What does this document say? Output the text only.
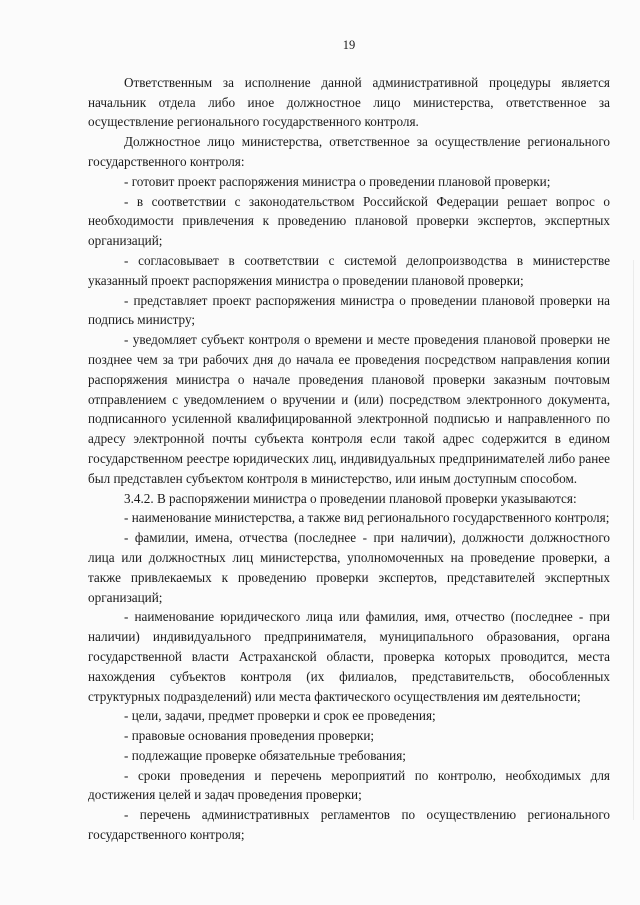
19

Ответственным за исполнение данной административной процедуры является начальник отдела либо иное должностное лицо министерства, ответственное за осуществление регионального государственного контроля.

Должностное лицо министерства, ответственное за осуществление регионального государственного контроля:

- готовит проект распоряжения министра о проведении плановой проверки;

- в соответствии с законодательством Российской Федерации решает вопрос о необходимости привлечения к проведению плановой проверки экспертов, экспертных организаций;

- согласовывает в соответствии с системой делопроизводства в министерстве указанный проект распоряжения министра о проведении плановой проверки;

- представляет проект распоряжения министра о проведении плановой проверки на подпись министру;

- уведомляет субъект контроля о времени и месте проведения плановой проверки не позднее чем за три рабочих дня до начала ее проведения посредством направления копии распоряжения министра о начале проведения плановой проверки заказным почтовым отправлением с уведомлением о вручении и (или) посредством электронного документа, подписанного усиленной квалифицированной электронной подписью и направленного по адресу электронной почты субъекта контроля если такой адрес содержится в едином государственном реестре юридических лиц, индивидуальных предпринимателей либо ранее был представлен субъектом контроля в министерство, или иным доступным способом.

3.4.2. В распоряжении министра о проведении плановой проверки указываются:

- наименование министерства, а также вид регионального государственного контроля;

- фамилии, имена, отчества (последнее - при наличии), должности должностного лица или должностных лиц министерства, уполномоченных на проведение проверки, а также привлекаемых к проведению проверки экспертов, представителей экспертных организаций;

- наименование юридического лица или фамилия, имя, отчество (последнее - при наличии) индивидуального предпринимателя, муниципального образования, органа государственной власти Астраханской области, проверка которых проводится, места нахождения субъектов контроля (их филиалов, представительств, обособленных структурных подразделений) или места фактического осуществления им деятельности;

- цели, задачи, предмет проверки и срок ее проведения;

- правовые основания проведения проверки;

- подлежащие проверке обязательные требования;

- сроки проведения и перечень мероприятий по контролю, необходимых для достижения целей и задач проведения проверки;

- перечень административных регламентов по осуществлению регионального государственного контроля;
